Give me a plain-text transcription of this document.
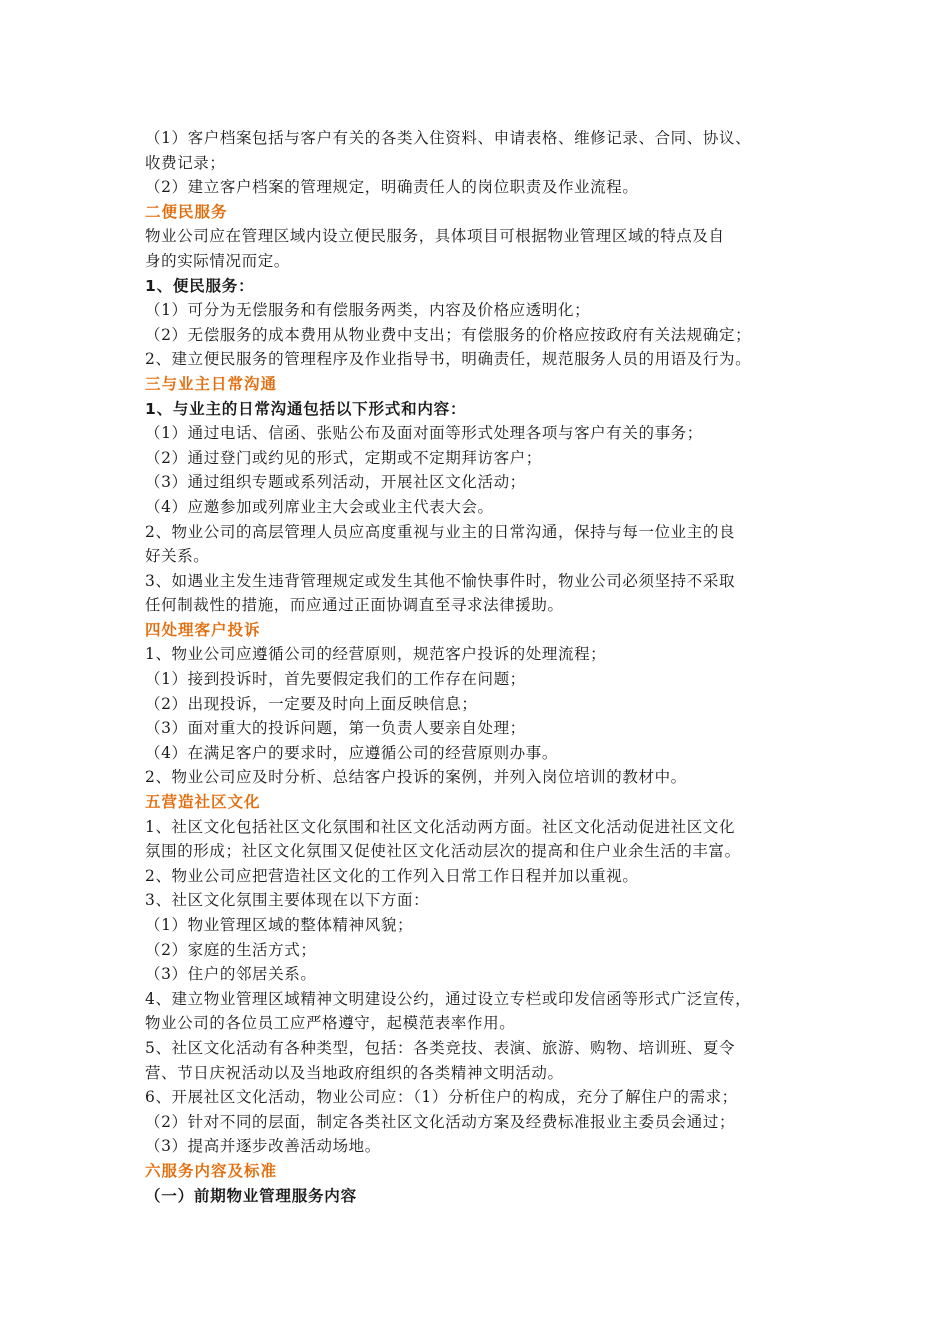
（1）客户档案包括与客户有关的各类入住资料、申请表格、维修记录、合同、协议、
收费记录；
（2）建立客户档案的管理规定，明确责任人的岗位职责及作业流程。
二便民服务
物业公司应在管理区域内设立便民服务，具体项目可根据物业管理区域的特点及自
身的实际情况而定。
1、便民服务：
（1）可分为无偿服务和有偿服务两类，内容及价格应透明化；
（2）无偿服务的成本费用从物业费中支出；有偿服务的价格应按政府有关法规确定；
2、建立便民服务的管理程序及作业指导书，明确责任，规范服务人员的用语及行为。
三与业主日常沟通
1、与业主的日常沟通包括以下形式和内容：
（1）通过电话、信函、张贴公布及面对面等形式处理各项与客户有关的事务；
（2）通过登门或约见的形式，定期或不定期拜访客户；
（3）通过组织专题或系列活动，开展社区文化活动；
（4）应邀参加或列席业主大会或业主代表大会。
2、物业公司的高层管理人员应高度重视与业主的日常沟通，保持与每一位业主的良
好关系。
3、如遇业主发生违背管理规定或发生其他不愉快事件时，物业公司必须坚持不采取
任何制裁性的措施，而应通过正面协调直至寻求法律援助。
四处理客户投诉
1、物业公司应遵循公司的经营原则，规范客户投诉的处理流程；
（1）接到投诉时，首先要假定我们的工作存在问题；
（2）出现投诉，一定要及时向上面反映信息；
（3）面对重大的投诉问题，第一负责人要亲自处理；
（4）在满足客户的要求时，应遵循公司的经营原则办事。
2、物业公司应及时分析、总结客户投诉的案例，并列入岗位培训的教材中。
五营造社区文化
1、社区文化包括社区文化氛围和社区文化活动两方面。社区文化活动促进社区文化
氛围的形成；社区文化氛围又促使社区文化活动层次的提高和住户业余生活的丰富。
2、物业公司应把营造社区文化的工作列入日常工作日程并加以重视。
3、社区文化氛围主要体现在以下方面：
（1）物业管理区域的整体精神风貌；
（2）家庭的生活方式；
（3）住户的邻居关系。
4、建立物业管理区域精神文明建设公约，通过设立专栏或印发信函等形式广泛宣传，
物业公司的各位员工应严格遵守，起模范表率作用。
5、社区文化活动有各种类型，包括：各类竞技、表演、旅游、购物、培训班、夏令
营、节日庆祝活动以及当地政府组织的各类精神文明活动。
6、开展社区文化活动，物业公司应：（1）分析住户的构成，充分了解住户的需求；
（2）针对不同的层面，制定各类社区文化活动方案及经费标准报业主委员会通过；
（3）提高并逐步改善活动场地。
六服务内容及标准
（一）前期物业管理服务内容
